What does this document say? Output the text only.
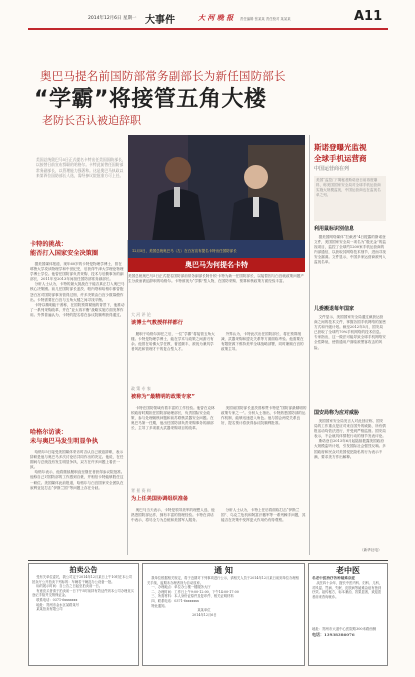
2014年12月6日 星期一 大事件	大 河 晚 报 责任编辑 张某某 责任校对 某某某	A11
奥巴马提名前国防部常务副部长为新任国防部长
“学霸”将接管五角大楼
老防长否认被迫辞职
12月5日，美国总统奥巴马（左）在白宫宣布提名卡特出任国防部长
奥巴马为何提名卡特
美国总统奥巴马5日正式提名国防部前常务副部长阿什顿·卡特为新一任国防部长，以接替因与白宫就政策问题产生分歧而被迫辞职的哈格尔。卡特被视为“学霸”型人物，在国防采购、预算和核政策方面经验丰富。
美国总统奥巴马5日正式提名卡特出任美国国防部长，以接替日前宣布辞职的哈格尔。卡特此前曾任国防部常务副部长，以管理能力强著称。这是奥巴马执政以来第四位国防部长人选，需经参议院批准方可上任。
卡特的挑战：
能否打入国家安全决策圈
据美国媒体报道，现年60岁的卡特是物理学博士，曾在耶鲁大学攻读物理学和中世纪史，后获得牛津大学理论物理学博士学位。他曾任国防部负责采购、技术与后勤事务的副部长，2011年至2013年间担任国防部常务副部长。
分析人士认为，卡特的最大挑战在于能否真正打入奥巴马核心决策圈。前几任国防部长盖茨、帕内塔和哈格尔都曾抱怨白宫对国防部事务管得过细，许多决策由白宫少数幕僚作出。卡特需要在白宫与五角大楼之间寻找平衡。
卡特以精明能干著称，在国防预算紧缩的背景下，他推动了一系列采购改革，并在“亚太再平衡”战略实施方面发挥作用。外界普遍认为，卡特的提名将在参议院顺利获得通过。
哈格尔访谈：
未与奥巴马发生明显争执
哈格尔5日接受美国媒体采访时否认自己被迫辞职，表示辞职是他与奥巴马多次讨论后共同作出的决定。他说，在任期间与总统没有发生明显争执，双方在许多问题上看法一致。
哈格尔表示，他将继续履职直至继任者获得参议院批准。他称自己对国防部的工作感到自豪，并相信卡特能够胜任这一职位。美国媒体此前报道，哈格尔与白宫国家安全团队在叙利亚及打击“伊斯兰国”等问题上存在分歧。
大 河 评 论
谈博士气教授样样都行
履职于哈格尔卸任之后，一位“学霸”将接管五角大楼。卡特是物理学博士，能在学术与政策之间游刃有余。他曾在哈佛大学任教，著述颇丰，被视为兼具学者风范和管理才干的复合型人才。
外界认为，卡特此次出任国防部长，将在预算削减、武器采购和盟友关系等方面面临考验。他需要在有限资源下维持美军全球战略部署，同时兼顾白宫的政策主导。
政 策 专 家
被称为“最精明的政策专家”
卡特在国防领域有着丰富的工作经验。他曾在克林顿政府时期担任国防部助理部长，负责国际安全政策，参与处理朝核问题和前苏联核武器安全问题。在奥巴马第一任期，他出任国防部负责采购事务的副部长，主导了多项重大武器采购项目的改革。
美国前国防部长盖茨曾称赞卡特是“国防部最精明的政策专家之一”。分析人士指出，卡特熟悉国防部的运作机制，能够迅速进入角色。他与国会两党关系良好，提名预计将获得参议院顺利批准。
背 景 资 料
为上任美国协调组织准备
奥巴马当天表示，卡特是领导美军的理想人选，他熟悉国防部运作，拥有丰富的管理经验。卡特在讲话中表示，将尽全力为总统和美国军人服务。
分析人士认为，卡特上任后将面临打击“伊斯兰国”、乌克兰危机和阿富汗撤军等一系列棘手问题，其能否在决策中发挥更大作用仍有待观察。
斯诺登曝光监视
全球手机运营商
中国运营商在列
美国“监控门”揭秘者斯诺登日前再度爆料，称美国国家安全局对全球手机运营商实施大规模监视，中国运营商也在监视名单之列。
利用鼠标识别信息
据美国网络媒体“拦截者”4日披露的斯诺登文件，美国国家安全局一项名为“极光金”的监视项目，监控了全球约1200家手机运营商的内部通信，以获取其网络技术细节，进而寻找安全漏洞。文件显示，中国多家运营商被列入监视名单。
儿委搬退每年国家
文件显示，美国国家安全局通过截获运营商之间的技术文件，掌握各国手机网络的加密方式和升级计划。截至2012年5月，国安局已获取了全球约70%手机网络的技术信息。专家指出，这一做法可能导致全球手机网络安全性降低，使普通用户面临被黑客攻击的风险。
国安局称为应对威胁
美国国家安全局发言人对此回应称，国安局的工作重点是应对来自国外的威胁，所有情报活动均依法进行，并受到严格监督。国安局表示，不会就具体情报行动的细节发表评论。
斯诺登自2013年6月起陆续披露美国政府大规模监听计划，引发国际社会强烈反响。多国政府和民众对美国侵犯隐私的行为表示不满，要求美方作出解释。
（新华社电）
拍卖公告
受有关单位委托，我公司定于2014年12月某日上午10时在本公司拍卖厅公开拍卖下列标的：车辆若干辆及办公设备一批。
标的展示时间：自公告之日起至拍卖前一日。
有意竞买者请于拍卖前一日下午5时前持有效证件到本公司办理竞买登记手续并交纳保证金。
联系电话：0371-6xxxxxxx
地址：郑州市金水区某路某号
某某拍卖有限公司
通 知
我单位根据相关规定，将于近期对下列事项进行公示，请相关人员于2014年12月某日前到单位办理相关手续，逾期未办理者视为自动放弃。
一、办理地点：单位办公楼一楼服务大厅
二、办理时间：工作日上午9:00-12:00，下午14:00-17:00
三、所需材料：本人身份证原件及复印件、相关证明材料
四、联系电话：0371-6xxxxxxx
特此通知。
某某单位
2014年12月6日
老中医
名老中医治疗各种疑难杂症
从医四十余年，擅长中医内科、妇科、儿科，对风湿、胃病、失眠、皮肤病等疑难杂症有独到疗效。祖传秘方，标本兼治，效果显著，欢迎患者前来咨询就诊。
地址：郑州市大道中心医院路300米路西侧
电话：13938386076
